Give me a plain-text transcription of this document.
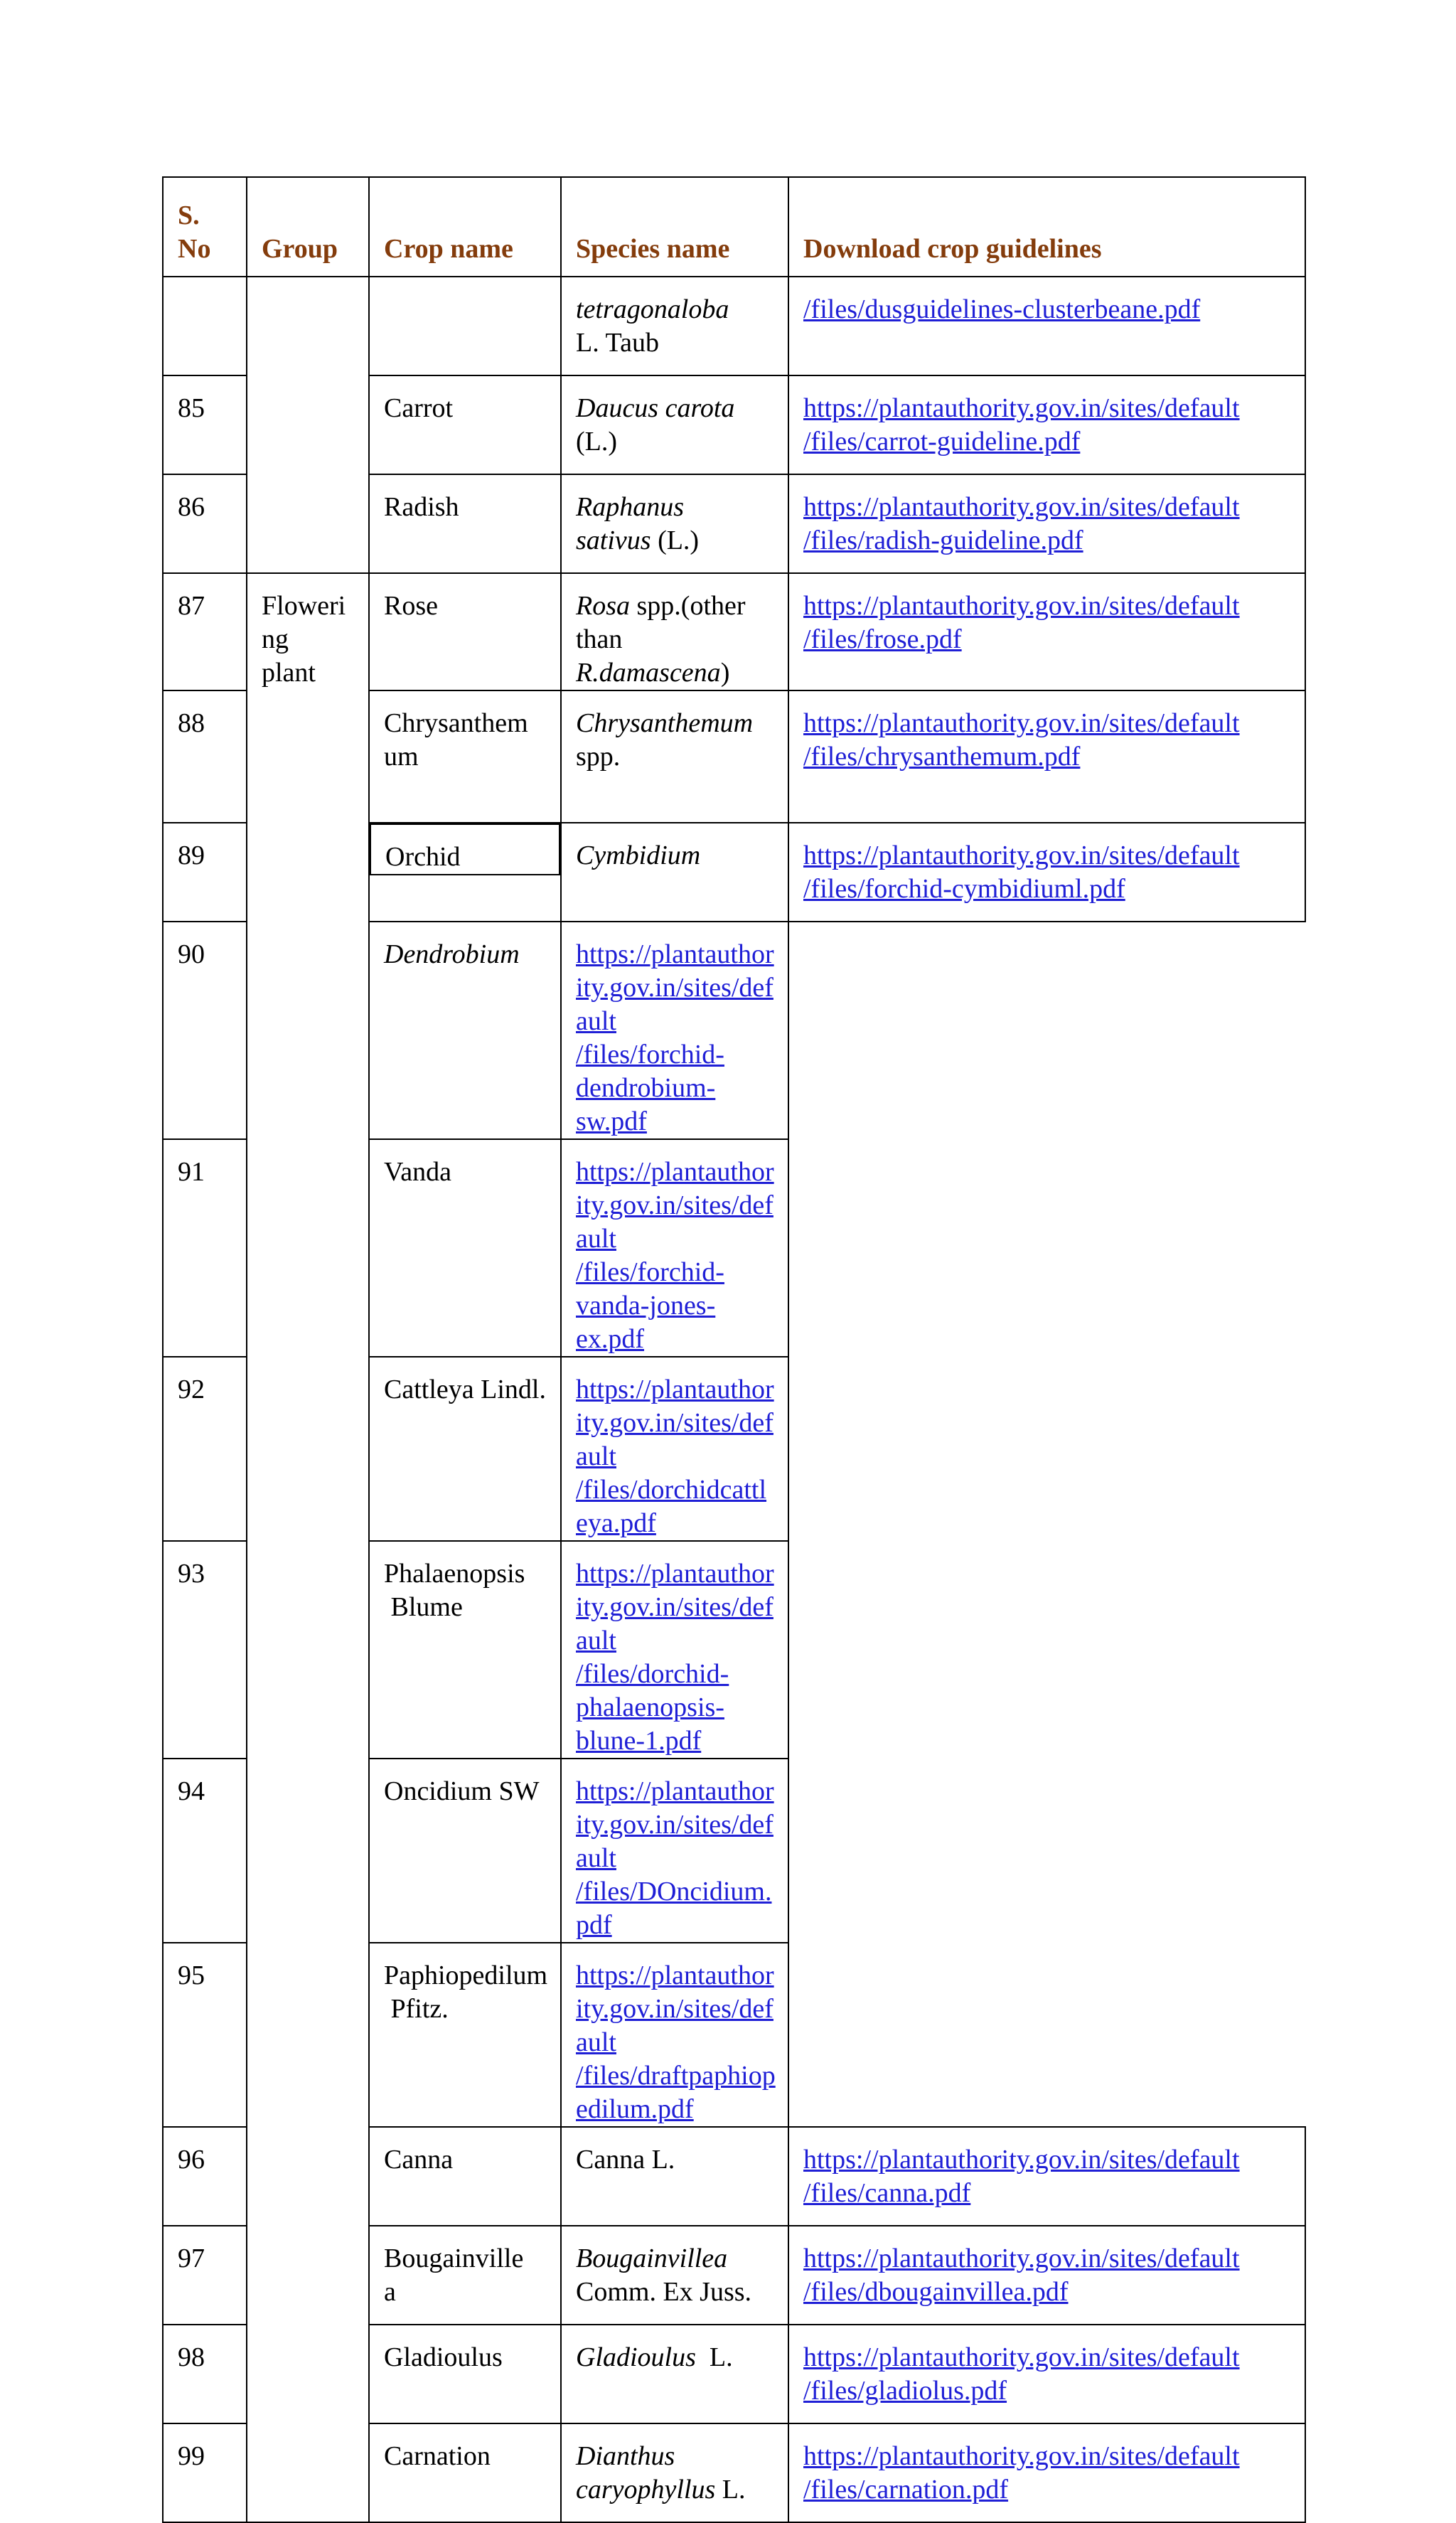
S.
No	Group	Crop name	Species name	Download crop guidelines

			tetragonaloba
L. Taub	/files/dusguidelines-clusterbeane.pdf

85		Carrot	Daucus carota
(L.)	https://plantauthority.gov.in/sites/default
/files/carrot-guideline.pdf

86		Radish	Raphanus
sativus (L.)	https://plantauthority.gov.in/sites/default
/files/radish-guideline.pdf

87	Floweri
ng
plant	Rose	Rosa spp.(other
than
R.damascena)	https://plantauthority.gov.in/sites/default
/files/frose.pdf

88		Chrysanthem
um	Chrysanthemum
spp.	https://plantauthority.gov.in/sites/default
/files/chrysanthemum.pdf

89		Orchid	Cymbidium	https://plantauthority.gov.in/sites/default
/files/forchid-cymbidiuml.pdf

90		Dendrobium	https://plantauthority.gov.in/sites/default
/files/forchid-dendrobium-sw.pdf	

91		Vanda	https://plantauthority.gov.in/sites/default
/files/forchid-vanda-jones-ex.pdf	

92		Cattleya Lindl.	https://plantauthority.gov.in/sites/default
/files/dorchidcattleya.pdf	

93		Phalaenopsis
Blume	https://plantauthority.gov.in/sites/default
/files/dorchid-phalaenopsis-blune-1.pdf	

94		Oncidium SW	https://plantauthority.gov.in/sites/default
/files/DOncidium.pdf	

95		Paphiopedilum
Pfitz.	https://plantauthority.gov.in/sites/default
/files/draftpaphiopedilum.pdf	

96		Canna	Canna L.	https://plantauthority.gov.in/sites/default
/files/canna.pdf

97		Bougainville
a	Bougainvillea
Comm. Ex Juss.	https://plantauthority.gov.in/sites/default
/files/dbougainvillea.pdf

98		Gladioulus	Gladioulus  L.	https://plantauthority.gov.in/sites/default
/files/gladiolus.pdf

99		Carnation	Dianthus
caryophyllus L.	https://plantauthority.gov.in/sites/default
/files/carnation.pdf
